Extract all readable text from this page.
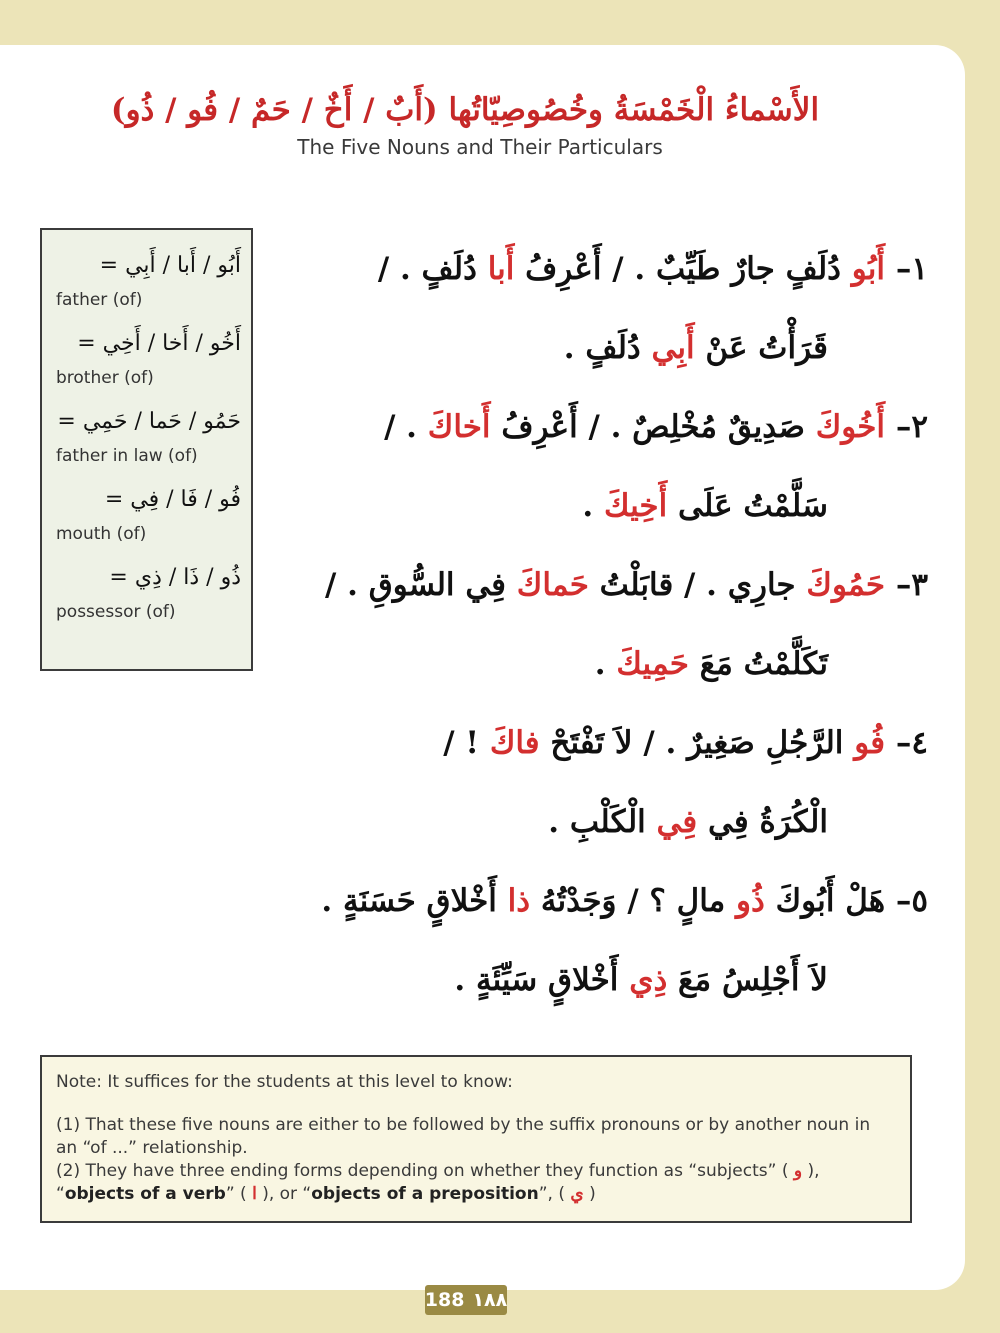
الأَسْماءُ الْخَمْسَةُ وخُصُوصِيّاتُها (أَبٌ / أَخٌ / حَمٌ / فُو / ذُو)
The Five Nouns and Their Particulars
أَبُو / أَبا / أَبِي =
father (of)
أَخُو / أَخا / أَخِي =
brother (of)
حَمُو / حَما / حَمِي =
father in law (of)
فُو / فَا / فِي =
mouth (of)
ذُو / ذَا / ذِي =
possessor (of)
١– أَبُو دُلَفٍ جارٌ طَيِّبٌ . / أَعْرِفُ أَبا دُلَفٍ . /
قَرَأْتُ عَنْ أَبِي دُلَفٍ .
٢– أَخُوكَ صَدِيقٌ مُخْلِصٌ . / أَعْرِفُ أَخاكَ . /
سَلَّمْتُ عَلَى أَخِيكَ .
٣– حَمُوكَ جارِي . / قابَلْتُ حَماكَ فِي السُّوقِ . /
تَكَلَّمْتُ مَعَ حَمِيكَ .
٤– فُو الرَّجُلِ صَغِيرٌ . / لاَ تَفْتَحْ فاكَ ! /
الْكُرَةُ فِي فِي الْكَلْبِ .
٥– هَلْ أَبُوكَ ذُو مالٍ ؟ / وَجَدْتُهُ ذا أَخْلاقٍ حَسَنَةٍ .
لاَ أَجْلِسُ مَعَ ذِي أَخْلاقٍ سَيِّئَةٍ .
Note: It suffices for the students at this level to know:
(1) That these five nouns are either to be followed by the suffix pronouns or by another noun in an “of ...” relationship.
(2) They have three ending forms depending on whether they function as “subjects” ( و ),
“objects of a verb” ( ا ), or “objects of a preposition”, ( ي )
188 ١٨٨
